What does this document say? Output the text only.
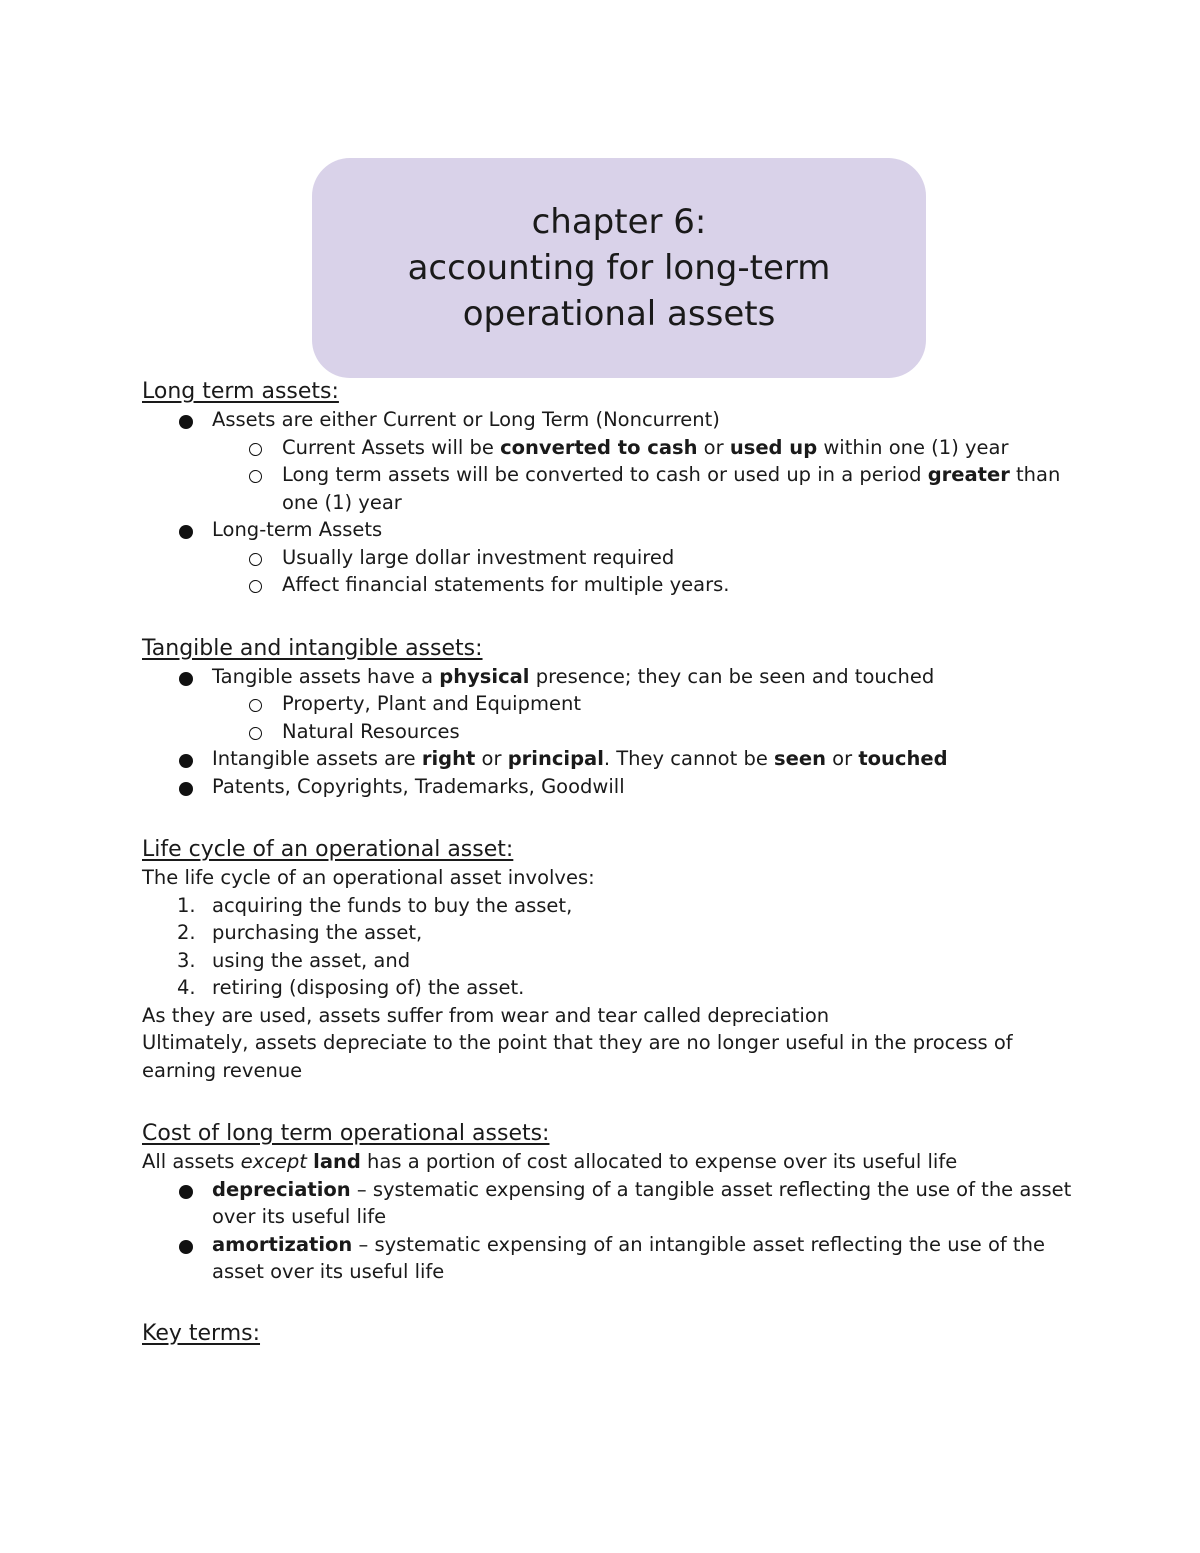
chapter 6:
accounting for long-term
operational assets
Long term assets:
Assets are either Current or Long Term (Noncurrent)
Current Assets will be converted to cash or used up within one (1) year
Long term assets will be converted to cash or used up in a period greater than one (1) year
Long-term Assets
Usually large dollar investment required
Affect financial statements for multiple years.
Tangible and intangible assets:
Tangible assets have a physical presence; they can be seen and touched
Property, Plant and Equipment
Natural Resources
Intangible assets are right or principal. They cannot be seen or touched
Patents, Copyrights, Trademarks, Goodwill
Life cycle of an operational asset:

The life cycle of an operational asset involves:

1. acquiring the funds to buy the asset,
2. purchasing the asset,
3. using the asset, and
4. retiring (disposing of) the asset.

As they are used, assets suffer from wear and tear called depreciation

Ultimately, assets depreciate to the point that they are no longer useful in the process of earning revenue

Cost of long term operational assets:

All assets except land has a portion of cost allocated to expense over its useful life

depreciation – systematic expensing of a tangible asset reflecting the use of the asset over its useful life
amortization – systematic expensing of an intangible asset reflecting the use of the asset over its useful life
Key terms:
